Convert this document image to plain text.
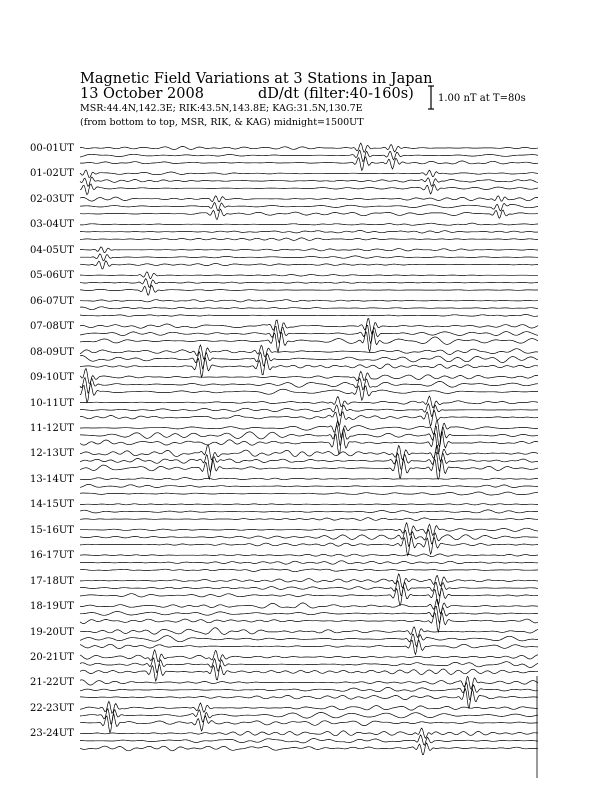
Magnetic Field Variations at 3 Stations in Japan
13 October 2008	dD/dt (filter:40-160s)
MSR:44.4N,142.3E; RIK:43.5N,143.8E; KAG:31.5N,130.7E
(from bottom to top, MSR, RIK, & KAG) midnight=1500UT
1.00 nT at T=80s
00-01UT
01-02UT
02-03UT
03-04UT
04-05UT
05-06UT
06-07UT
07-08UT
08-09UT
09-10UT
10-11UT
11-12UT
12-13UT
13-14UT
14-15UT
15-16UT
16-17UT
17-18UT
18-19UT
19-20UT
20-21UT
21-22UT
22-23UT
23-24UT
